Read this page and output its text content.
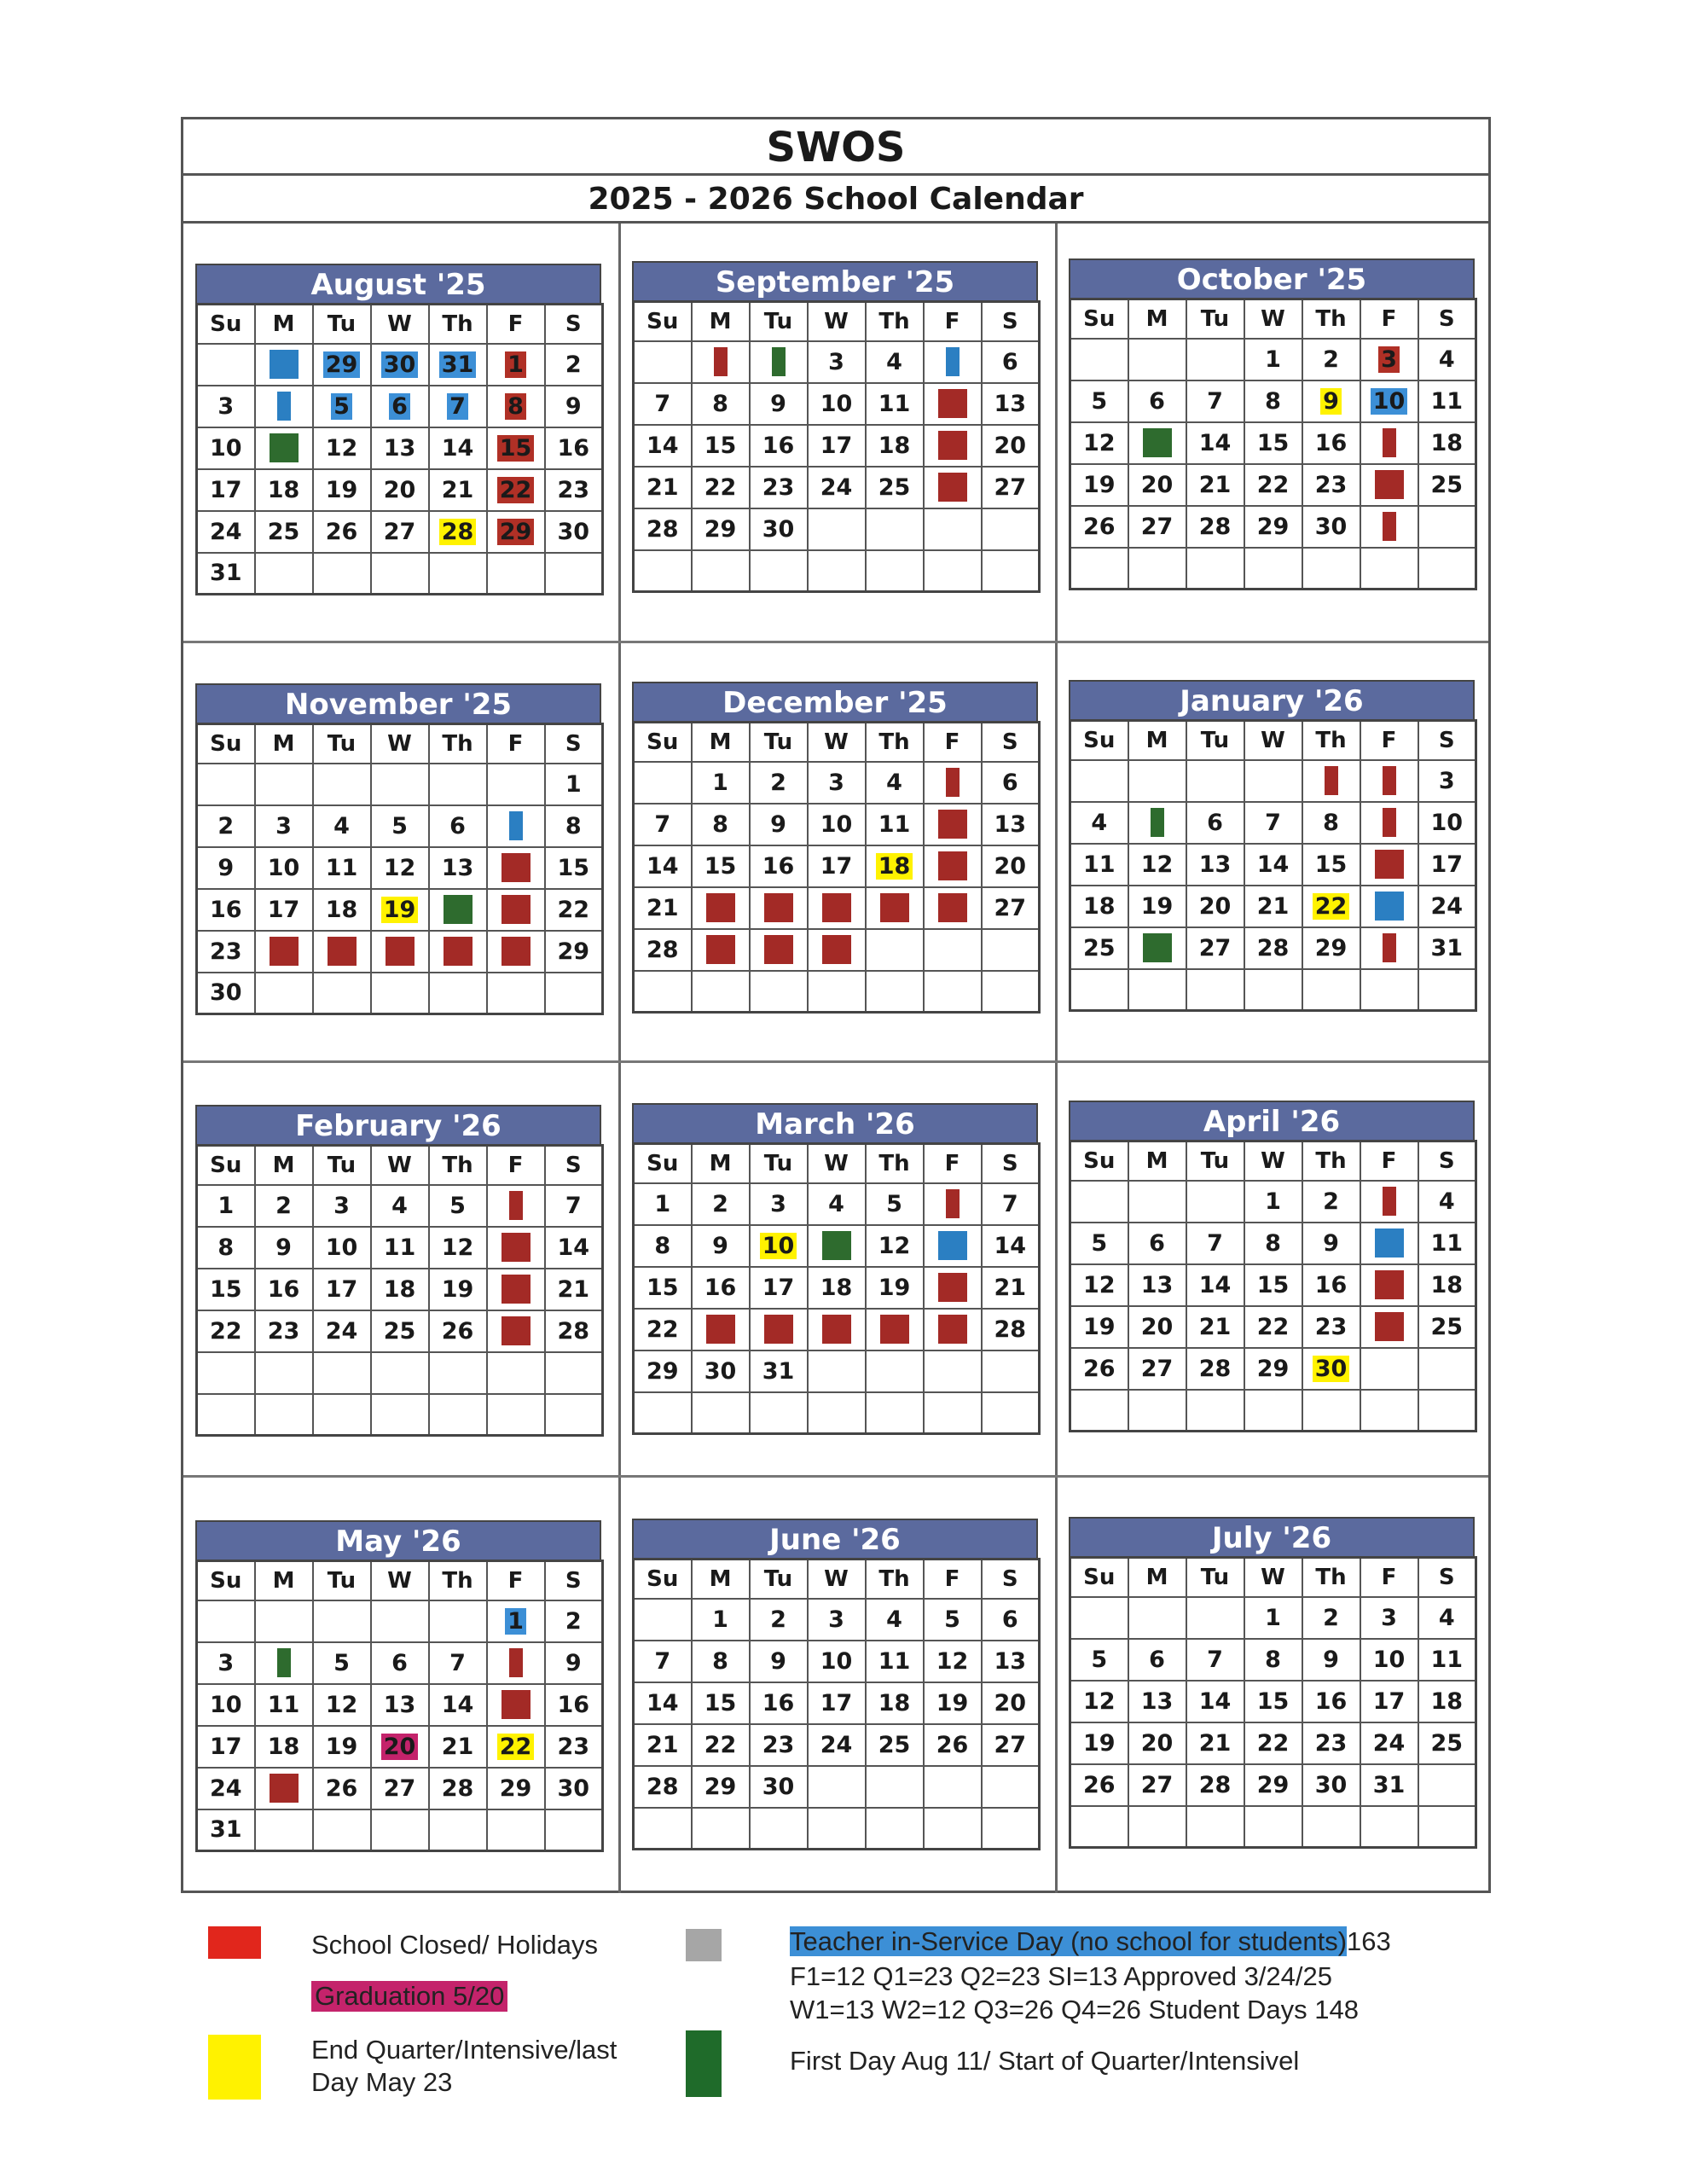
SWOS
2025 - 2026 School Calendar
August '25
Su	M	Tu	W	Th	F	S
		29	30	31	1	2
3		5	6	7	8	9
10		12	13	14	15	16
17	18	19	20	21	22	23
24	25	26	27	28	29	30
31						
September '25
Su	M	Tu	W	Th	F	S
			3	4		6
7	8	9	10	11		13
14	15	16	17	18		20
21	22	23	24	25		27
28	29	30				

October '25
Su	M	Tu	W	Th	F	S
			1	2	3	4
5	6	7	8	9	10	11
12		14	15	16		18
19	20	21	22	23		25
26	27	28	29	30		

November '25
Su	M	Tu	W	Th	F	S
						1
2	3	4	5	6		8
9	10	11	12	13		15
16	17	18	19			22
23						29
30						
December '25
Su	M	Tu	W	Th	F	S
	1	2	3	4		6
7	8	9	10	11		13
14	15	16	17	18		20
21						27
28						

January '26
Su	M	Tu	W	Th	F	S
						3
4		6	7	8		10
11	12	13	14	15		17
18	19	20	21	22		24
25		27	28	29		31

February '26
Su	M	Tu	W	Th	F	S
1	2	3	4	5		7
8	9	10	11	12		14
15	16	17	18	19		21
22	23	24	25	26		28

March '26
Su	M	Tu	W	Th	F	S
1	2	3	4	5		7
8	9	10		12		14
15	16	17	18	19		21
22						28
29	30	31				

April '26
Su	M	Tu	W	Th	F	S
			1	2		4
5	6	7	8	9		11
12	13	14	15	16		18
19	20	21	22	23		25
26	27	28	29	30		

May '26
Su	M	Tu	W	Th	F	S
					1	2
3		5	6	7		9
10	11	12	13	14		16
17	18	19	20	21	22	23
24		26	27	28	29	30
31						
June '26
Su	M	Tu	W	Th	F	S
	1	2	3	4	5	6
7	8	9	10	11	12	13
14	15	16	17	18	19	20
21	22	23	24	25	26	27
28	29	30				

July '26
Su	M	Tu	W	Th	F	S
			1	2	3	4
5	6	7	8	9	10	11
12	13	14	15	16	17	18
19	20	21	22	23	24	25
26	27	28	29	30	31	

School Closed/ Holidays
Graduation 5/20
End Quarter/Intensive/last
Day May 23
Teacher in-Service Day (no school for students)163
F1=12 Q1=23 Q2=23 SI=13 Approved 3/24/25
W1=13 W2=12 Q3=26 Q4=26 Student Days 148
First Day Aug 11/ Start of Quarter/Intensivel
